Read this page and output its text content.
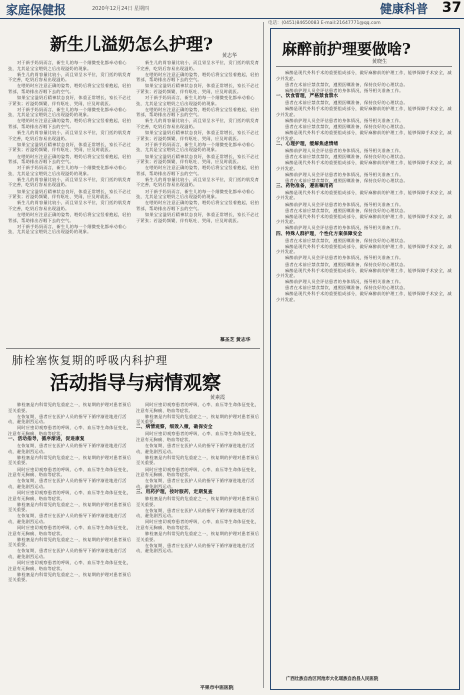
家庭保健报	2020年12月24日 星期四	健康科普 37
电话：(0451)84650083 E-mail:21647771@qq.com
新生儿溢奶怎么护理?
黄志华

对于新手妈妈而言，新生儿的每一个细微变化都牵动着心弦，尤其是宝宝喂奶之后出现溢奶的现象。

新生儿的胃容量比较小，而且胃呈水平位，贲门括约肌发育不完善，吃奶后容易出现溢奶。

在喂奶时应注意正确的姿势，喂奶后将宝宝竖着抱起，轻拍背部，帮助排出吞咽下去的空气。

如果宝宝溢奶后精神状态良好，体重正常增长，家长不必过于紧张；若溢奶频繁，伴有呕吐、哭闹，应及时就医。

对于新手妈妈而言，新生儿的每一个细微变化都牵动着心弦，尤其是宝宝喂奶之后出现溢奶的现象。

在喂奶时应注意正确的姿势，喂奶后将宝宝竖着抱起，轻拍背部，帮助排出吞咽下去的空气。

新生儿的胃容量比较小，而且胃呈水平位，贲门括约肌发育不完善，吃奶后容易出现溢奶。

如果宝宝溢奶后精神状态良好，体重正常增长，家长不必过于紧张；若溢奶频繁，伴有呕吐、哭闹，应及时就医。

在喂奶时应注意正确的姿势，喂奶后将宝宝竖着抱起，轻拍背部，帮助排出吞咽下去的空气。

对于新手妈妈而言，新生儿的每一个细微变化都牵动着心弦，尤其是宝宝喂奶之后出现溢奶的现象。

新生儿的胃容量比较小，而且胃呈水平位，贲门括约肌发育不完善，吃奶后容易出现溢奶。

如果宝宝溢奶后精神状态良好，体重正常增长，家长不必过于紧张；若溢奶频繁，伴有呕吐、哭闹，应及时就医。

新生儿的胃容量比较小，而且胃呈水平位，贲门括约肌发育不完善，吃奶后容易出现溢奶。

在喂奶时应注意正确的姿势，喂奶后将宝宝竖着抱起，轻拍背部，帮助排出吞咽下去的空气。

对于新手妈妈而言，新生儿的每一个细微变化都牵动着心弦，尤其是宝宝喂奶之后出现溢奶的现象。

新生儿的胃容量比较小，而且胃呈水平位，贲门括约肌发育不完善，吃奶后容易出现溢奶。

在喂奶时应注意正确的姿势，喂奶后将宝宝竖着抱起，轻拍背部，帮助排出吞咽下去的空气。

如果宝宝溢奶后精神状态良好，体重正常增长，家长不必过于紧张；若溢奶频繁，伴有呕吐、哭闹，应及时就医。

对于新手妈妈而言，新生儿的每一个细微变化都牵动着心弦，尤其是宝宝喂奶之后出现溢奶的现象。

在喂奶时应注意正确的姿势，喂奶后将宝宝竖着抱起，轻拍背部，帮助排出吞咽下去的空气。

新生儿的胃容量比较小，而且胃呈水平位，贲门括约肌发育不完善，吃奶后容易出现溢奶。

如果宝宝溢奶后精神状态良好，体重正常增长，家长不必过于紧张；若溢奶频繁，伴有呕吐、哭闹，应及时就医。

对于新手妈妈而言，新生儿的每一个细微变化都牵动着心弦，尤其是宝宝喂奶之后出现溢奶的现象。

如果宝宝溢奶后精神状态良好，体重正常增长，家长不必过于紧张；若溢奶频繁，伴有呕吐、哭闹，应及时就医。

在喂奶时应注意正确的姿势，喂奶后将宝宝竖着抱起，轻拍背部，帮助排出吞咽下去的空气。

新生儿的胃容量比较小，而且胃呈水平位，贲门括约肌发育不完善，吃奶后容易出现溢奶。

对于新手妈妈而言，新生儿的每一个细微变化都牵动着心弦，尤其是宝宝喂奶之后出现溢奶的现象。

在喂奶时应注意正确的姿势，喂奶后将宝宝竖着抱起，轻拍背部，帮助排出吞咽下去的空气。

如果宝宝溢奶后精神状态良好，体重正常增长，家长不必过于紧张；若溢奶频繁，伴有呕吐、哭闹，应及时就医。

慕圣芝 黄志华
肺栓塞恢复期的呼吸内科护理
活动指导与病情观察
黄素霞

肺栓塞是内科常见的危重症之一，恢复期的护理对患者预后至关重要。

在恢复期，患者应在医护人员的指导下循序渐进地进行活动，避免剧烈运动。

同时应密切观察患者的呼吸、心率、血压等生命体征变化，注意有无胸痛、咯血等症状。

一、活动指导，循序渐进，促进康复

在恢复期，患者应在医护人员的指导下循序渐进地进行活动，避免剧烈运动。

肺栓塞是内科常见的危重症之一，恢复期的护理对患者预后至关重要。

同时应密切观察患者的呼吸、心率、血压等生命体征变化，注意有无胸痛、咯血等症状。

在恢复期，患者应在医护人员的指导下循序渐进地进行活动，避免剧烈运动。

同时应密切观察患者的呼吸、心率、血压等生命体征变化，注意有无胸痛、咯血等症状。

肺栓塞是内科常见的危重症之一，恢复期的护理对患者预后至关重要。

在恢复期，患者应在医护人员的指导下循序渐进地进行活动，避免剧烈运动。

同时应密切观察患者的呼吸、心率、血压等生命体征变化，注意有无胸痛、咯血等症状。

肺栓塞是内科常见的危重症之一，恢复期的护理对患者预后至关重要。

在恢复期，患者应在医护人员的指导下循序渐进地进行活动，避免剧烈运动。

同时应密切观察患者的呼吸、心率、血压等生命体征变化，注意有无胸痛、咯血等症状。

肺栓塞是内科常见的危重症之一，恢复期的护理对患者预后至关重要。

同时应密切观察患者的呼吸、心率、血压等生命体征变化，注意有无胸痛、咯血等症状。

肺栓塞是内科常见的危重症之一，恢复期的护理对患者预后至关重要。

二、病情观察，细致入微，确保安全

同时应密切观察患者的呼吸、心率、血压等生命体征变化，注意有无胸痛、咯血等症状。

在恢复期，患者应在医护人员的指导下循序渐进地进行活动，避免剧烈运动。

肺栓塞是内科常见的危重症之一，恢复期的护理对患者预后至关重要。

同时应密切观察患者的呼吸、心率、血压等生命体征变化，注意有无胸痛、咯血等症状。

在恢复期，患者应在医护人员的指导下循序渐进地进行活动，避免剧烈运动。

三、用药护理，按时服药，定期复查

肺栓塞是内科常见的危重症之一，恢复期的护理对患者预后至关重要。

在恢复期，患者应在医护人员的指导下循序渐进地进行活动，避免剧烈运动。

同时应密切观察患者的呼吸、心率、血压等生命体征变化，注意有无胸痛、咯血等症状。

肺栓塞是内科常见的危重症之一，恢复期的护理对患者预后至关重要。

在恢复期，患者应在医护人员的指导下循序渐进地进行活动，避免剧烈运动。

平果市中医医院
麻醉前护理要做啥?
黄晓生

麻醉是现代外科手术的重要组成部分，做好麻醉前的护理工作，能够保障手术安全，减少并发症。

患者在术前应禁食禁饮，遵照医嘱准备，保持良好的心理状态。

麻醉前护理人员会评估患者的身体情况，指导相关准备工作。

一、饮食管理，严格禁食禁水

患者在术前应禁食禁饮，遵照医嘱准备，保持良好的心理状态。

麻醉是现代外科手术的重要组成部分，做好麻醉前的护理工作，能够保障手术安全，减少并发症。

麻醉前护理人员会评估患者的身体情况，指导相关准备工作。

患者在术前应禁食禁饮，遵照医嘱准备，保持良好的心理状态。

麻醉是现代外科手术的重要组成部分，做好麻醉前的护理工作，能够保障手术安全，减少并发症。

二、心理护理，缓解焦虑情绪

麻醉前护理人员会评估患者的身体情况，指导相关准备工作。

患者在术前应禁食禁饮，遵照医嘱准备，保持良好的心理状态。

麻醉是现代外科手术的重要组成部分，做好麻醉前的护理工作，能够保障手术安全，减少并发症。

麻醉前护理人员会评估患者的身体情况，指导相关准备工作。

患者在术前应禁食禁饮，遵照医嘱准备，保持良好的心理状态。

三、药物准备，遵医嘱用药

麻醉是现代外科手术的重要组成部分，做好麻醉前的护理工作，能够保障手术安全，减少并发症。

麻醉前护理人员会评估患者的身体情况，指导相关准备工作。

患者在术前应禁食禁饮，遵照医嘱准备，保持良好的心理状态。

麻醉是现代外科手术的重要组成部分，做好麻醉前的护理工作，能够保障手术安全，减少并发症。

麻醉前护理人员会评估患者的身体情况，指导相关准备工作。

四、特殊人群护理，个性化方案保障安全

患者在术前应禁食禁饮，遵照医嘱准备，保持良好的心理状态。

麻醉是现代外科手术的重要组成部分，做好麻醉前的护理工作，能够保障手术安全，减少并发症。

麻醉前护理人员会评估患者的身体情况，指导相关准备工作。

患者在术前应禁食禁饮，遵照医嘱准备，保持良好的心理状态。

麻醉是现代外科手术的重要组成部分，做好麻醉前的护理工作，能够保障手术安全，减少并发症。

麻醉前护理人员会评估患者的身体情况，指导相关准备工作。

患者在术前应禁食禁饮，遵照医嘱准备，保持良好的心理状态。

麻醉是现代外科手术的重要组成部分，做好麻醉前的护理工作，能够保障手术安全，减少并发症。

广西壮族自治区河池市大化瑶族自治县人民医院
